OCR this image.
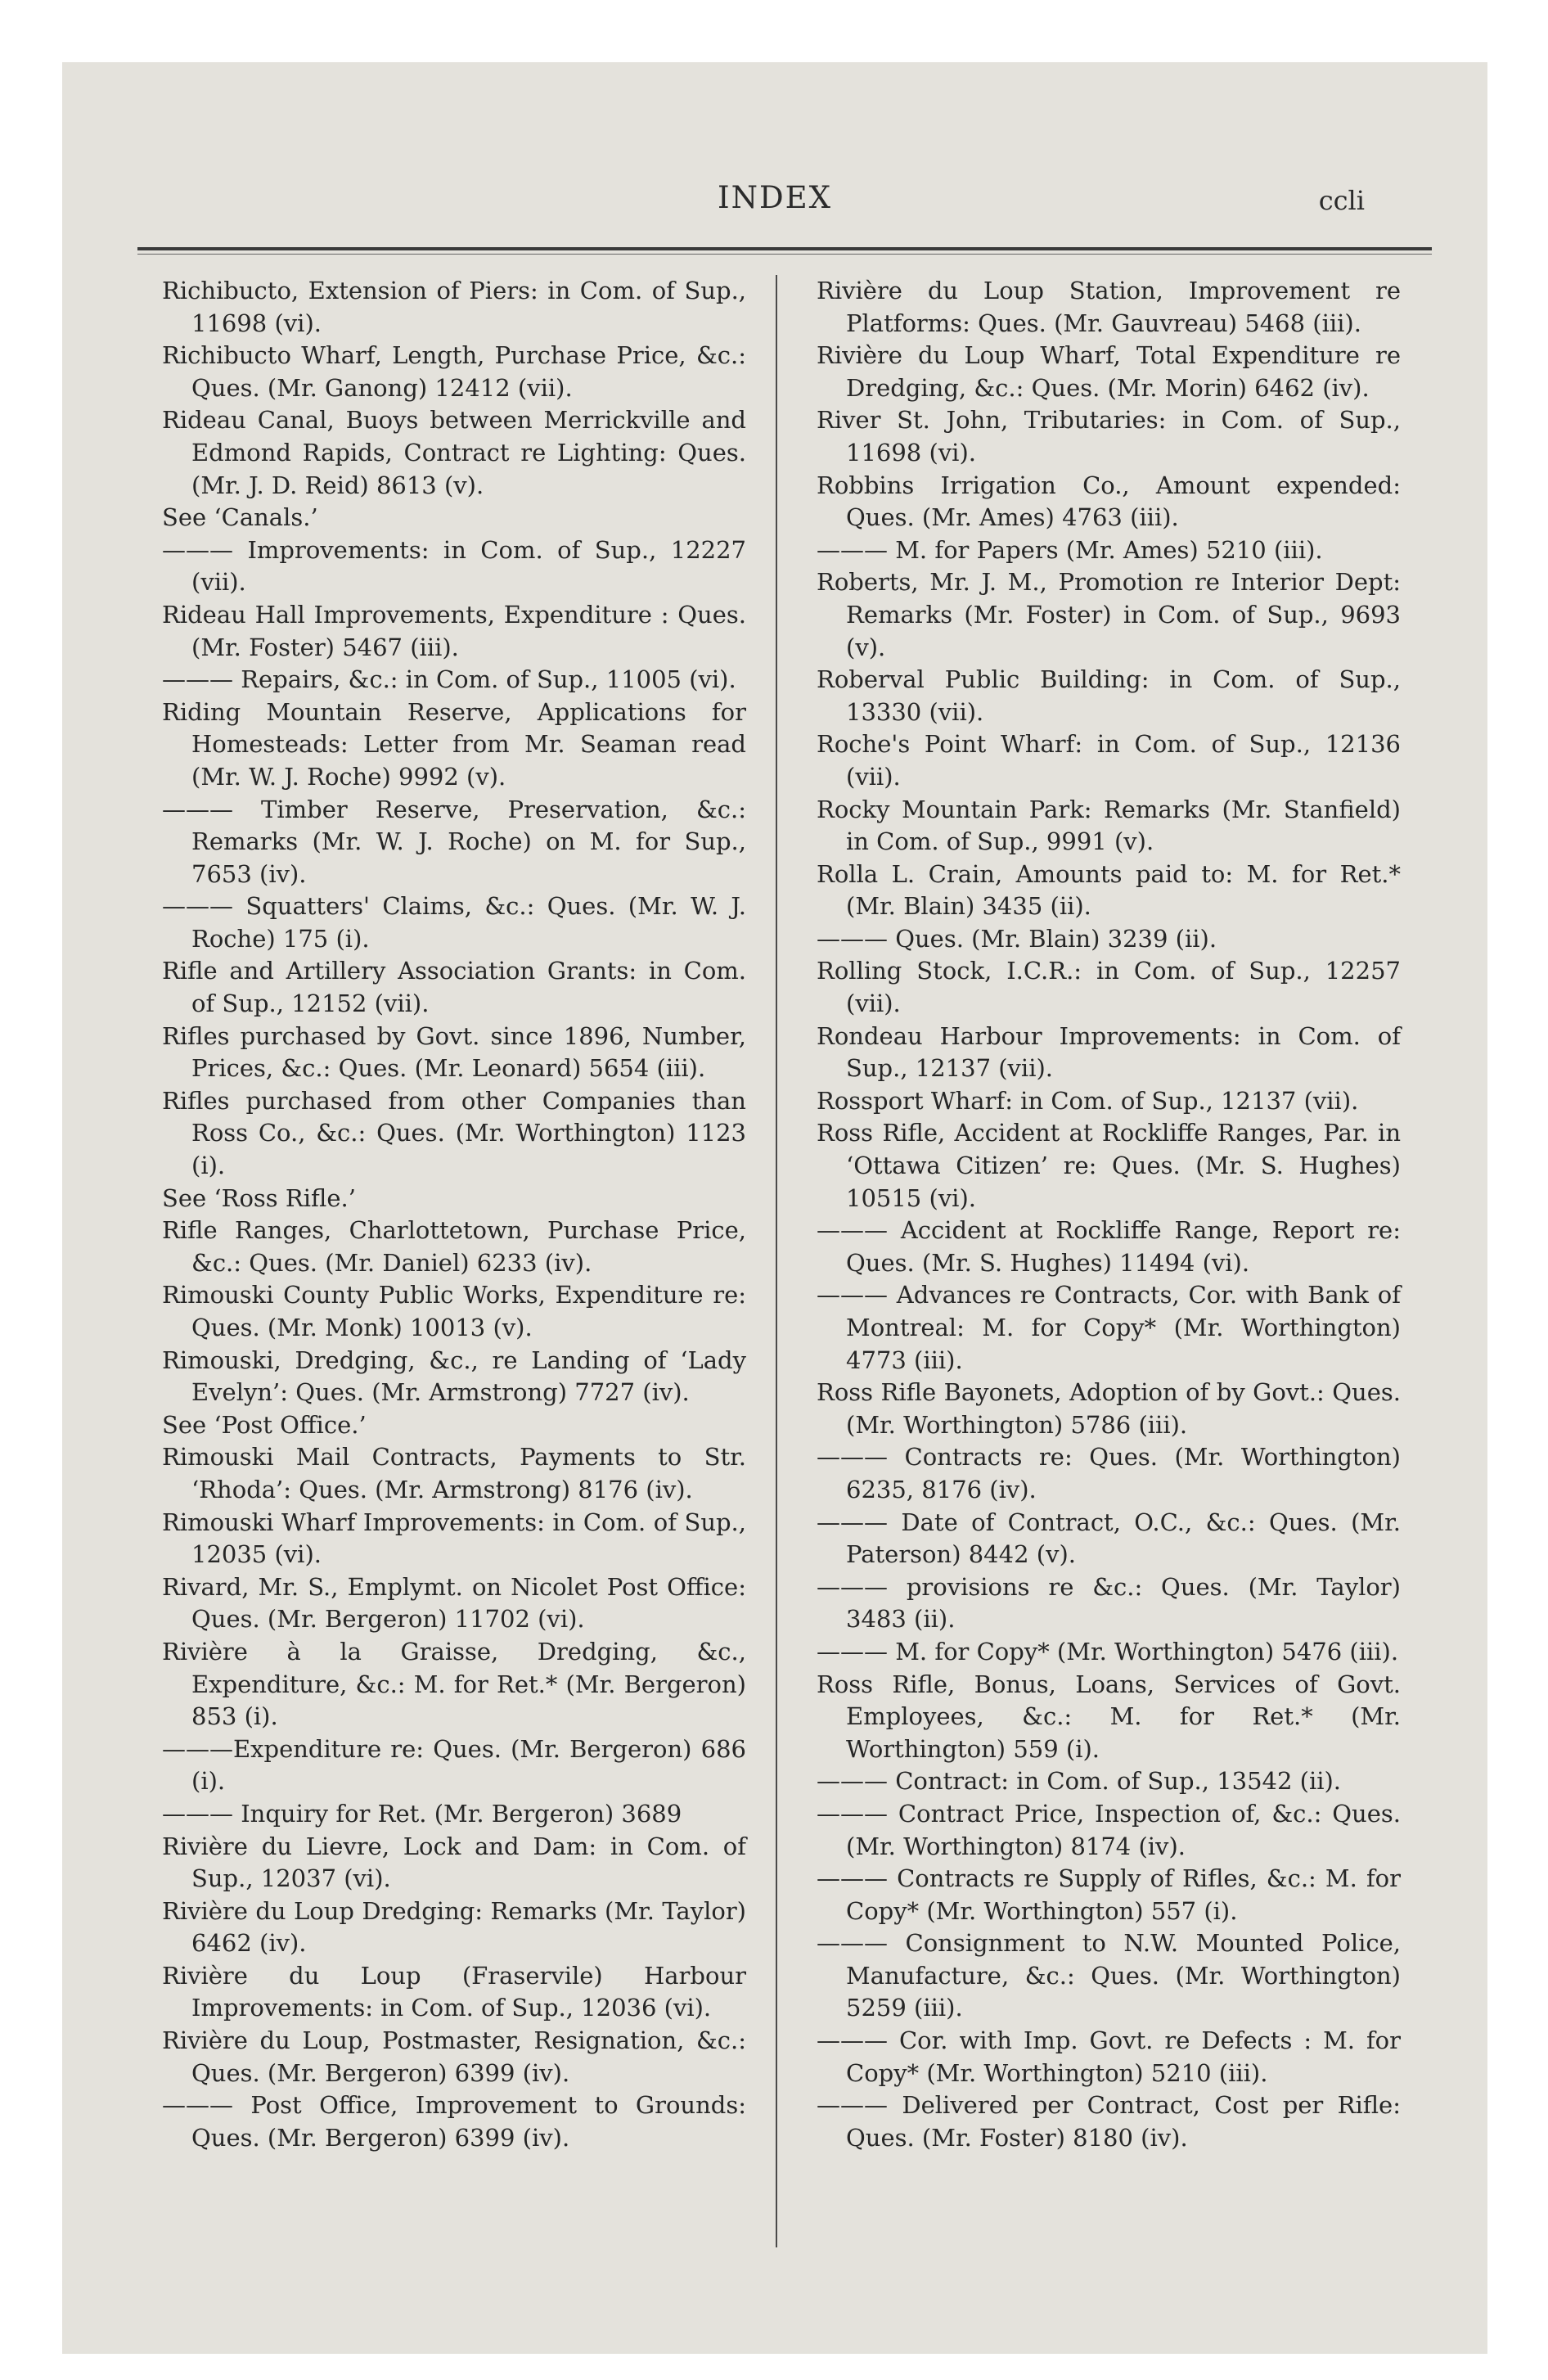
INDEX	ccli

Richibucto, Extension of Piers: in Com. of Sup., 11698 (vi).

Richibucto Wharf, Length, Purchase Price, &c.: Ques. (Mr. Ganong) 12412 (vii).

Rideau Canal, Buoys between Merrickville and Edmond Rapids, Contract re Lighting: Ques. (Mr. J. D. Reid) 8613 (v).

See ‘Canals.’

——— Improvements: in Com. of Sup., 12227 (vii).

Rideau Hall Improvements, Expenditure : Ques. (Mr. Foster) 5467 (iii).

——— Repairs, &c.: in Com. of Sup., 11005 (vi).

Riding Mountain Reserve, Applications for Homesteads: Letter from Mr. Seaman read (Mr. W. J. Roche) 9992 (v).

——— Timber Reserve, Preservation, &c.: Remarks (Mr. W. J. Roche) on M. for Sup., 7653 (iv).

——— Squatters' Claims, &c.: Ques. (Mr. W. J. Roche) 175 (i).

Rifle and Artillery Association Grants: in Com. of Sup., 12152 (vii).

Rifles purchased by Govt. since 1896, Number, Prices, &c.: Ques. (Mr. Leonard) 5654 (iii).

Rifles purchased from other Companies than Ross Co., &c.: Ques. (Mr. Worthington) 1123 (i).

See ‘Ross Rifle.’

Rifle Ranges, Charlottetown, Purchase Price, &c.: Ques. (Mr. Daniel) 6233 (iv).

Rimouski County Public Works, Expenditure re: Ques. (Mr. Monk) 10013 (v).

Rimouski, Dredging, &c., re Landing of ‘Lady Evelyn’: Ques. (Mr. Armstrong) 7727 (iv).

See ‘Post Office.’

Rimouski Mail Contracts, Payments to Str. ‘Rhoda’: Ques. (Mr. Armstrong) 8176 (iv).

Rimouski Wharf Improvements: in Com. of Sup., 12035 (vi).

Rivard, Mr. S., Emplymt. on Nicolet Post Office: Ques. (Mr. Bergeron) 11702 (vi).

Rivière à la Graisse, Dredging, &c., Expenditure, &c.: M. for Ret.* (Mr. Bergeron) 853 (i).

———Expenditure re: Ques. (Mr. Bergeron) 686 (i).

——— Inquiry for Ret. (Mr. Bergeron) 3689

Rivière du Lievre, Lock and Dam: in Com. of Sup., 12037 (vi).

Rivière du Loup Dredging: Remarks (Mr. Taylor) 6462 (iv).

Rivière du Loup (Fraservile) Harbour Improvements: in Com. of Sup., 12036 (vi).

Rivière du Loup, Postmaster, Resignation, &c.: Ques. (Mr. Bergeron) 6399 (iv).

——— Post Office, Improvement to Grounds: Ques. (Mr. Bergeron) 6399 (iv).

Rivière du Loup Station, Improvement re Platforms: Ques. (Mr. Gauvreau) 5468 (iii).

Rivière du Loup Wharf, Total Expenditure re Dredging, &c.: Ques. (Mr. Morin) 6462 (iv).

River St. John, Tributaries: in Com. of Sup., 11698 (vi).

Robbins Irrigation Co., Amount expended: Ques. (Mr. Ames) 4763 (iii).

——— M. for Papers (Mr. Ames) 5210 (iii).

Roberts, Mr. J. M., Promotion re Interior Dept: Remarks (Mr. Foster) in Com. of Sup., 9693 (v).

Roberval Public Building: in Com. of Sup., 13330 (vii).

Roche's Point Wharf: in Com. of Sup., 12136 (vii).

Rocky Mountain Park: Remarks (Mr. Stanfield) in Com. of Sup., 9991 (v).

Rolla L. Crain, Amounts paid to: M. for Ret.* (Mr. Blain) 3435 (ii).

——— Ques. (Mr. Blain) 3239 (ii).

Rolling Stock, I.C.R.: in Com. of Sup., 12257 (vii).

Rondeau Harbour Improvements: in Com. of Sup., 12137 (vii).

Rossport Wharf: in Com. of Sup., 12137 (vii).

Ross Rifle, Accident at Rockliffe Ranges, Par. in ‘Ottawa Citizen’ re: Ques. (Mr. S. Hughes) 10515 (vi).

——— Accident at Rockliffe Range, Report re: Ques. (Mr. S. Hughes) 11494 (vi).

——— Advances re Contracts, Cor. with Bank of Montreal: M. for Copy* (Mr. Worthington) 4773 (iii).

Ross Rifle Bayonets, Adoption of by Govt.: Ques. (Mr. Worthington) 5786 (iii).

——— Contracts re: Ques. (Mr. Worthington) 6235, 8176 (iv).

——— Date of Contract, O.C., &c.: Ques. (Mr. Paterson) 8442 (v).

——— provisions re &c.: Ques. (Mr. Taylor) 3483 (ii).

——— M. for Copy* (Mr. Worthington) 5476 (iii).

Ross Rifle, Bonus, Loans, Services of Govt. Employees, &c.: M. for Ret.* (Mr. Worthington) 559 (i).

——— Contract: in Com. of Sup., 13542 (ii).

——— Contract Price, Inspection of, &c.: Ques. (Mr. Worthington) 8174 (iv).

——— Contracts re Supply of Rifles, &c.: M. for Copy* (Mr. Worthington) 557 (i).

——— Consignment to N.W. Mounted Police, Manufacture, &c.: Ques. (Mr. Worthington) 5259 (iii).

——— Cor. with Imp. Govt. re Defects : M. for Copy* (Mr. Worthington) 5210 (iii).

——— Delivered per Contract, Cost per Rifle: Ques. (Mr. Foster) 8180 (iv).
